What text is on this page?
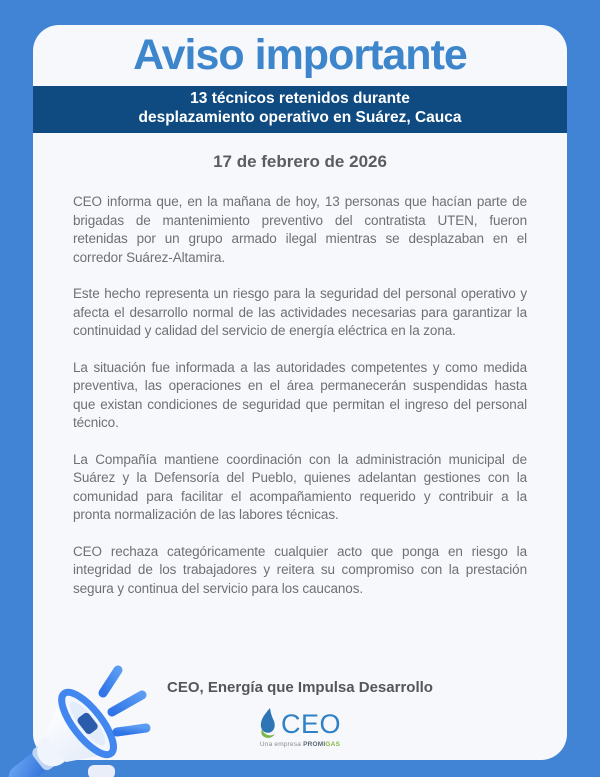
Aviso importante
13 técnicos retenidos durante
desplazamiento operativo en Suárez, Cauca
17 de febrero de 2026

CEO informa que, en la mañana de hoy, 13 personas que hacían parte de brigadas de mantenimiento preventivo del contratista UTEN, fueron retenidas por un grupo armado ilegal mientras se desplazaban en el corredor Suárez-Altamira.

Este hecho representa un riesgo para la seguridad del personal operativo y afecta el desarrollo normal de las actividades necesarias para garantizar la continuidad y calidad del servicio de energía eléctrica en la zona.

La situación fue informada a las autoridades competentes y como medida preventiva, las operaciones en el área permanecerán suspendidas hasta que existan condiciones de seguridad que permitan el ingreso del personal técnico.

La Compañía mantiene coordinación con la administración municipal de Suárez y la Defensoría del Pueblo, quienes adelantan gestiones con la comunidad para facilitar el acompañamiento requerido y contribuir a la pronta normalización de las labores técnicas.

CEO rechaza categóricamente cualquier acto que ponga en riesgo la integridad de los trabajadores y reitera su compromiso con la prestación segura y continua del servicio para los caucanos.

CEO, Energía que Impulsa Desarrollo
CEO
Una empresa PROMIGAS
